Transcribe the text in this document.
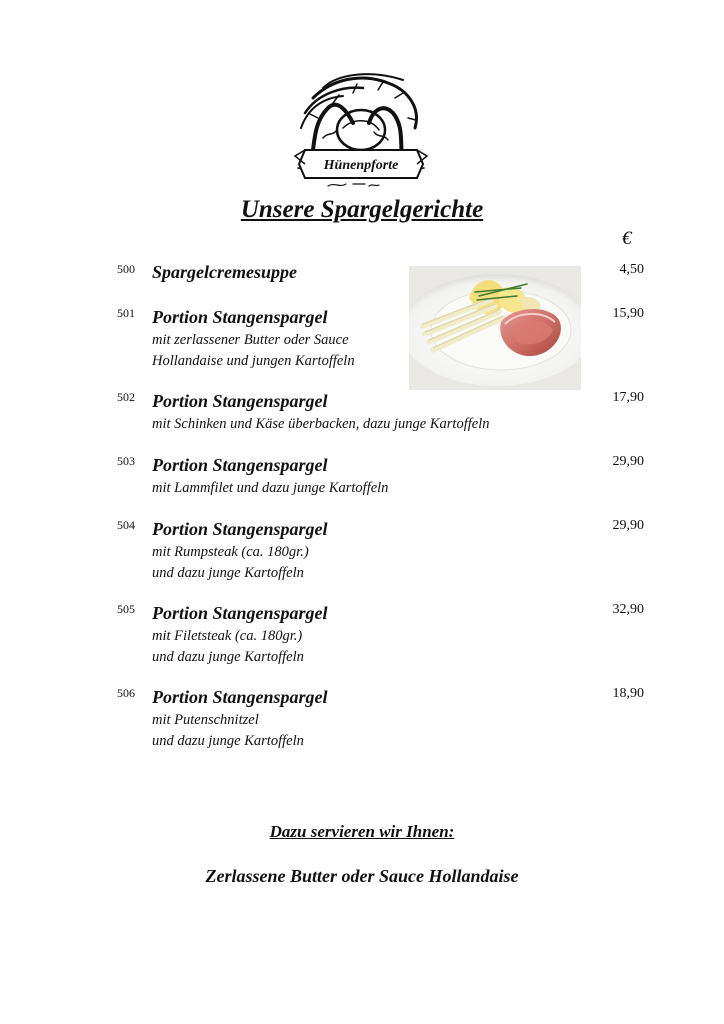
Hünenpforte
Unsere Spargelgerichte
€
500 Spargelcremesuppe	4,50
501 Portion Stangenspargel
mit zerlassener Butter oder Sauce
Hollandaise und jungen Kartoffeln
15,90
502 Portion Stangenspargel
mit Schinken und Käse überbacken, dazu junge Kartoffeln
17,90
503 Portion Stangenspargel
mit Lammfilet und dazu junge Kartoffeln
29,90
504 Portion Stangenspargel
mit Rumpsteak (ca. 180gr.)
und dazu junge Kartoffeln
29,90
505 Portion Stangenspargel
mit Filetsteak (ca. 180gr.)
und dazu junge Kartoffeln
32,90
506 Portion Stangenspargel
mit Putenschnitzel
und dazu junge Kartoffeln
18,90
Dazu servieren wir Ihnen:
Zerlassene Butter oder Sauce Hollandaise
